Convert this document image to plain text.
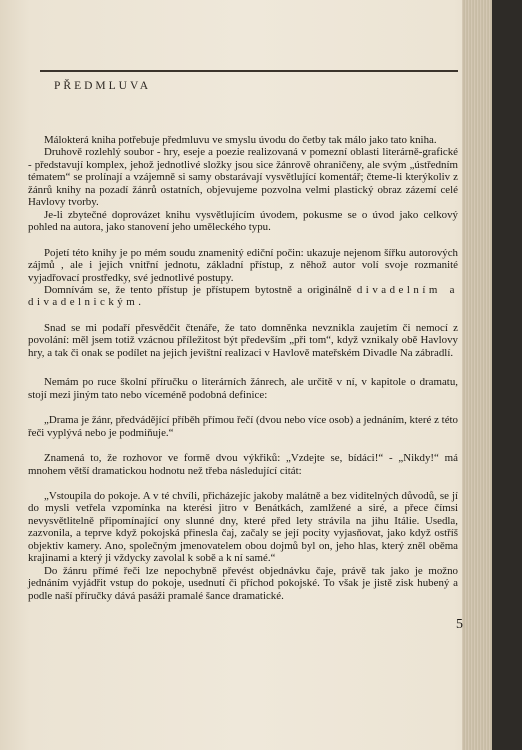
PŘEDMLUVA

Málokterá kniha potřebuje předmluvu ve smyslu úvodu do četby tak málo jako tato kniha.

Druhově rozlehlý soubor - hry, eseje a poezie realizovaná v pomezní oblasti literárně-grafické - představují komplex, jehož jednotlivé složky jsou sice žánrově ohraničeny, ale svým „ústředním tématem“ se prolínají a vzájemně si samy obstarávají vysvětlující komentář; čteme-li kterýkoliv z žánrů knihy na pozadí žánrů ostatních, objevujeme pozvolna velmi plastický obraz zázemí celé Havlovy tvorby.

Je-li zbytečné doprovázet knihu vysvětlujícím úvodem, pokusme se o úvod jako celkový pohled na autora, jako stanovení jeho uměleckého typu.

Pojetí této knihy je po mém soudu znamenitý ediční počin: ukazuje nejenom šířku autorových zájmů , ale i jejich vnitřní jednotu, základní přístup, z něhož autor volí svoje rozmanité vyjadřovací prostředky, své jednotlivé postupy.

Domnívám se, že tento přístup je přístupem bytostně a originálně divadelním a divadelnickým.

Snad se mi podaří přesvědčit čtenáře, že tato domněnka nevznikla zaujetím či nemocí z povolání: měl jsem totiž vzácnou příležitost být především „při tom“, když vznikaly obě Havlovy hry, a tak či onak se podílet na jejich jevištní realizaci v Havlově mateřském Divadle Na zábradlí.

Nemám po ruce školní příručku o literárních žánrech, ale určitě v ní, v kapitole o dramatu, stojí mezi jiným tato nebo víceméně podobná definice:

„Drama je žánr, předvádějící příběh přímou řečí (dvou nebo více osob) a jednáním, které z této řeči vyplývá nebo je podmiňuje.“

Znamená to, že rozhovor ve formě dvou výkřiků: „Vzdejte se, bídáci!“ - „Nikdy!“ má mnohem větší dramatickou hodnotu než třeba následující citát:

„Vstoupila do pokoje. A v té chvíli, přicházejíc jakoby malátně a bez viditelných důvodů, se jí do mysli vetřela vzpomínka na kterési jitro v Benátkách, zamlžené a siré, a přece čímsi nevysvětlitelně připomínající ony slunné dny, které před lety strávila na jihu Itálie. Usedla, zazvonila, a teprve když pokojská přinesla čaj, začaly se její pocity vyjasňovat, jako když ostříš objektiv kamery. Ano, společným jmenovatelem obou dojmů byl on, jeho hlas, který zněl oběma krajinami a který ji vždycky zavolal k sobě a k ní samé.“

Do žánru přímé řeči lze nepochybně převést objednávku čaje, právě tak jako je možno jednáním vyjádřit vstup do pokoje, usednutí či příchod pokojské. To však je jistě zisk hubený a podle naší příručky dává pasáži pramalé šance dramatické.

5
